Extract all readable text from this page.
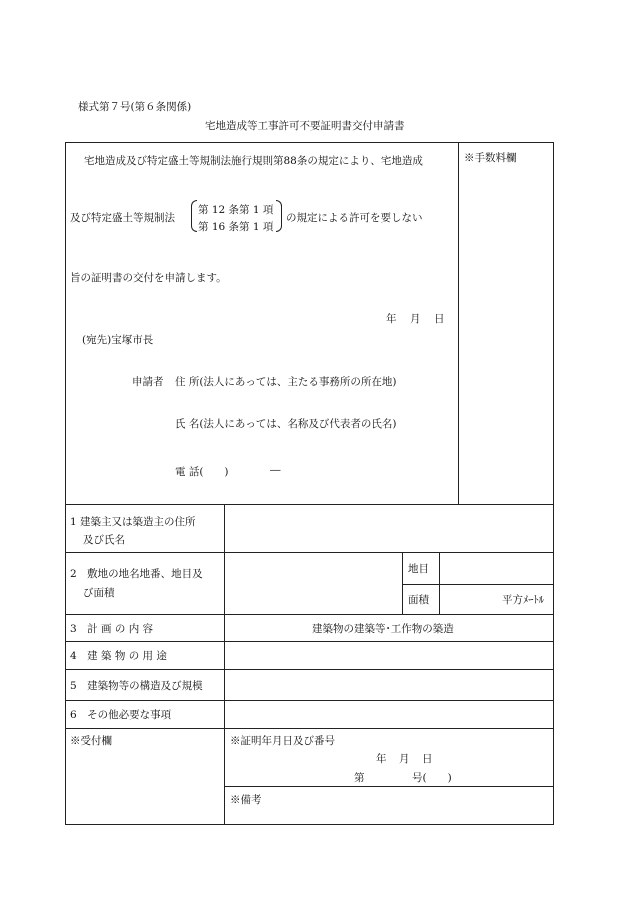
様式第７号(第６条関係)
宅地造成等工事許可不要証明書交付申請書
宅地造成及び特定盛土等規制法施行規則第88条の規定により、宅地造成
及び特定盛土等規制法
第 12 条第 1 項
第 16 条第 1 項
の規定による許可を要しない
旨の証明書の交付を申請します。
年 月 日
(宛先)宝塚市長
申請者 住 所(法人にあっては、主たる事務所の所在地)
氏 名(法人にあっては、名称及び代表者の氏名)
電 話(　　)	―
※手数料欄
1 建築主又は築造主の住所
及び氏名
2　敷地の地名地番、地目及
び面積
地目
面積	平方ﾒｰﾄﾙ
3　計 画 の 内 容	建築物の建築等･工作物の築造
4　建 築 物 の 用 途
5　建築物等の構造及び規模
6　その他必要な事項
※受付欄	※証明年月日及び番号
年 月 日
第	号(　　)
※備考
